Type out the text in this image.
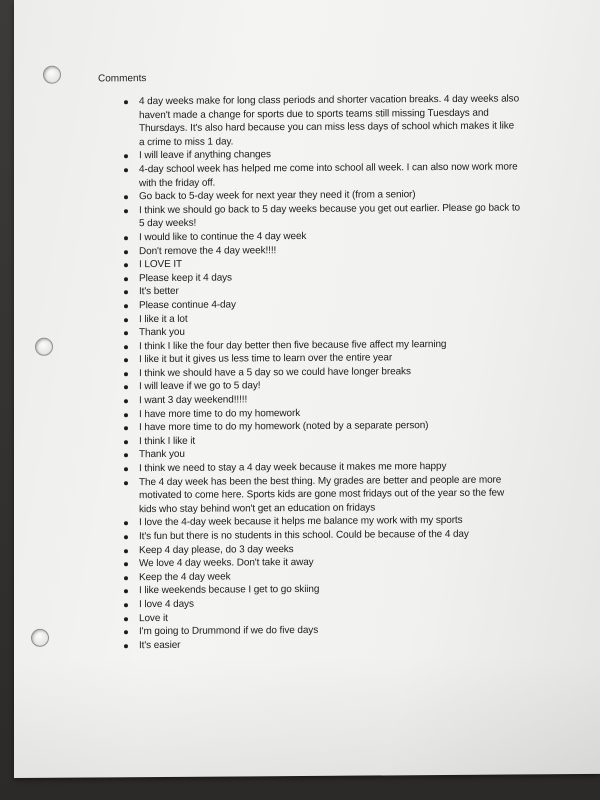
Comments
4 day weeks make for long class periods and shorter vacation breaks. 4 day weeks also
haven't made a change for sports due to sports teams still missing Tuesdays and
Thursdays. It's also hard because you can miss less days of school which makes it like
a crime to miss 1 day.
I will leave if anything changes
4-day school week has helped me come into school all week. I can also now work more
with the friday off.
Go back to 5-day week for next year they need it (from a senior)
I think we should go back to 5 day weeks because you get out earlier. Please go back to
5 day weeks!
I would like to continue the 4 day week
Don't remove the 4 day week!!!!
I LOVE IT
Please keep it 4 days
It's better
Please continue 4-day
I like it a lot
Thank you
I think I like the four day better then five because five affect my learning
I like it but it gives us less time to learn over the entire year
I think we should have a 5 day so we could have longer breaks
I will leave if we go to 5 day!
I want 3 day weekend!!!!!
I have more time to do my homework
I have more time to do my homework (noted by a separate person)
I think I like it
Thank you
I think we need to stay a 4 day week because it makes me more happy
The 4 day week has been the best thing. My grades are better and people are more
motivated to come here. Sports kids are gone most fridays out of the year so the few
kids who stay behind won't get an education on fridays
I love the 4-day week because it helps me balance my work with my sports
It's fun but there is no students in this school. Could be because of the 4 day
Keep 4 day please, do 3 day weeks
We love 4 day weeks. Don't take it away
Keep the 4 day week
I like weekends because I get to go skiing
I love 4 days
Love it
I'm going to Drummond if we do five days
It's easier
